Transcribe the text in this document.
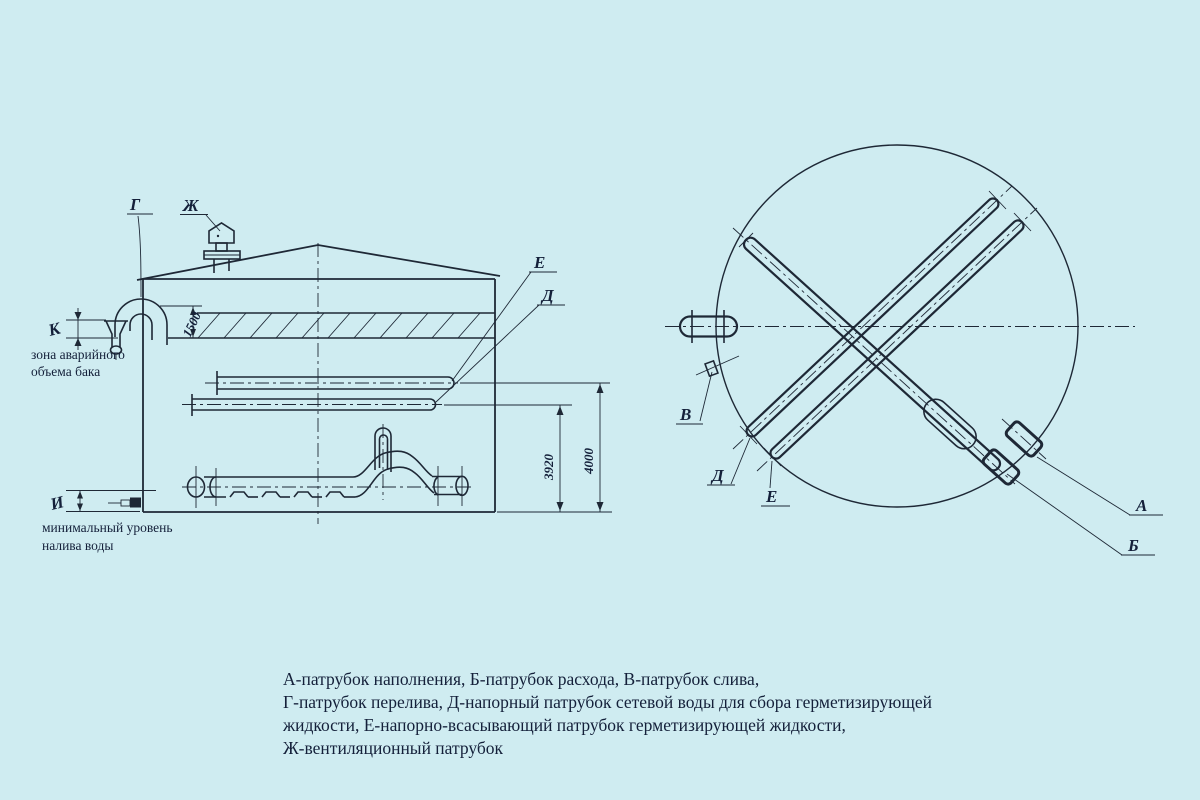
К
И
1500
3920 4000
Г	Ж
Е
Д
зона аварийного
объема бака
минимальный уровень
налива воды
В
Д
Е	А
Б
А-патрубок наполнения, Б-патрубок расхода, В-патрубок слива,
Г-патрубок перелива, Д-напорный патрубок сетевой воды для сбора герметизирующей
жидкости, Е-напорно-всасывающий патрубок герметизирующей жидкости,
Ж-вентиляционный патрубок
